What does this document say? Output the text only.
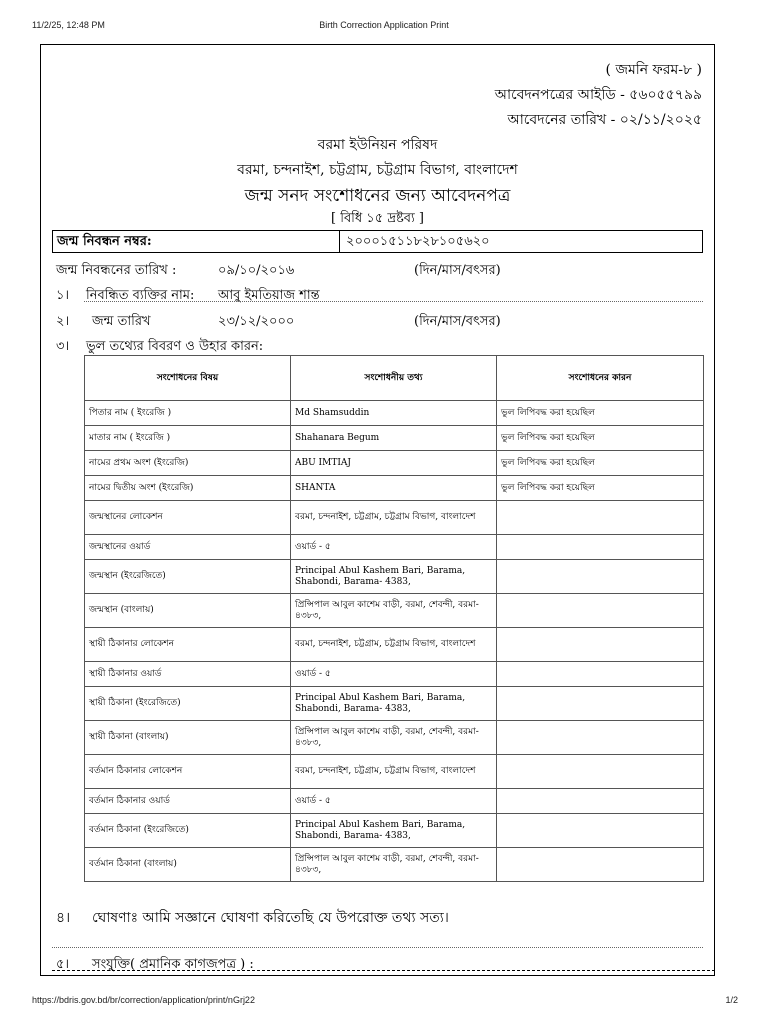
11/2/25, 12:48 PM	Birth Correction Application Print
( জমনি ফরম-৮ )
আবেদনপত্রের আইডি - ৫৬০৫৫৭৯৯
আবেদনের তারিখ - ০২/১১/২০২৫
বরমা ইউনিয়ন পরিষদ
বরমা, চন্দনাইশ, চট্টগ্রাম, চট্টগ্রাম বিভাগ, বাংলাদেশ
জন্ম সনদ সংশোধনের জন্য আবেদনপত্র
[ বিধি ১৫ দ্রষ্টব্য ]
জন্ম নিবন্ধন নম্বর:	২০০০১৫১১৮২৮১০৫৬২০
জন্ম নিবন্ধনের তারিখ :	০৯/১০/২০১৬	(দিন/মাস/বৎসর)
১। নিবন্ধিত ব্যক্তির নাম: আবু ইমতিয়াজ শান্ত
২। জন্ম তারিখ	২৩/১২/২০০০	(দিন/মাস/বৎসর)
৩। ভুল তথ্যের বিবরণ ও উহার কারন:
সংশোধনের বিষয়	সংশোধনীয় তথ্য	সংশোধনের কারন
পিতার নাম ( ইংরেজি )	Md Shamsuddin	ভুল লিপিবদ্ধ করা হয়েছিল
মাতার নাম ( ইংরেজি )	Shahanara Begum	ভুল লিপিবদ্ধ করা হয়েছিল
নামের প্রথম অংশ (ইংরেজি)	ABU IMTIAJ	ভুল লিপিবদ্ধ করা হয়েছিল
নামের দ্বিতীয় অংশ (ইংরেজি)	SHANTA	ভুল লিপিবদ্ধ করা হয়েছিল
জন্মস্থানের লোকেশন	বরমা, চন্দনাইশ, চট্টগ্রাম, চট্টগ্রাম বিভাগ, বাংলাদেশ	
জন্মস্থানের ওয়ার্ড	ওয়ার্ড - ৫	
জন্মস্থান (ইংরেজিতে)	Principal Abul Kashem Bari, Barama, Shabondi, Barama- 4383,	
জন্মস্থান (বাংলায়)	প্রিন্সিপাল আবুল কাশেম বাড়ী, বরমা, শেবন্দী, বরমা- ৪৩৮৩,	
স্থায়ী ঠিকানার লোকেশন	বরমা, চন্দনাইশ, চট্টগ্রাম, চট্টগ্রাম বিভাগ, বাংলাদেশ	
স্থায়ী ঠিকানার ওয়ার্ড	ওয়ার্ড - ৫	
স্থায়ী ঠিকানা (ইংরেজিতে)	Principal Abul Kashem Bari, Barama, Shabondi, Barama- 4383,	
স্থায়ী ঠিকানা (বাংলায়)	প্রিন্সিপাল আবুল কাশেম বাড়ী, বরমা, শেবন্দী, বরমা- ৪৩৮৩,	
বর্তমান ঠিকানার লোকেশন	বরমা, চন্দনাইশ, চট্টগ্রাম, চট্টগ্রাম বিভাগ, বাংলাদেশ	
বর্তমান ঠিকানার ওয়ার্ড	ওয়ার্ড - ৫	
বর্তমান ঠিকানা (ইংরেজিতে)	Principal Abul Kashem Bari, Barama, Shabondi, Barama- 4383,	
বর্তমান ঠিকানা (বাংলায়)	প্রিন্সিপাল আবুল কাশেম বাড়ী, বরমা, শেবন্দী, বরমা- ৪৩৮৩,	
৪। ঘোষণাঃ আমি সজ্ঞানে ঘোষণা করিতেছি যে উপরোক্ত তথ্য সত্য।
৫। সংযুক্তি( প্রমানিক কাগজপত্র ) :
https://bdris.gov.bd/br/correction/application/print/nGrj22	1/2
